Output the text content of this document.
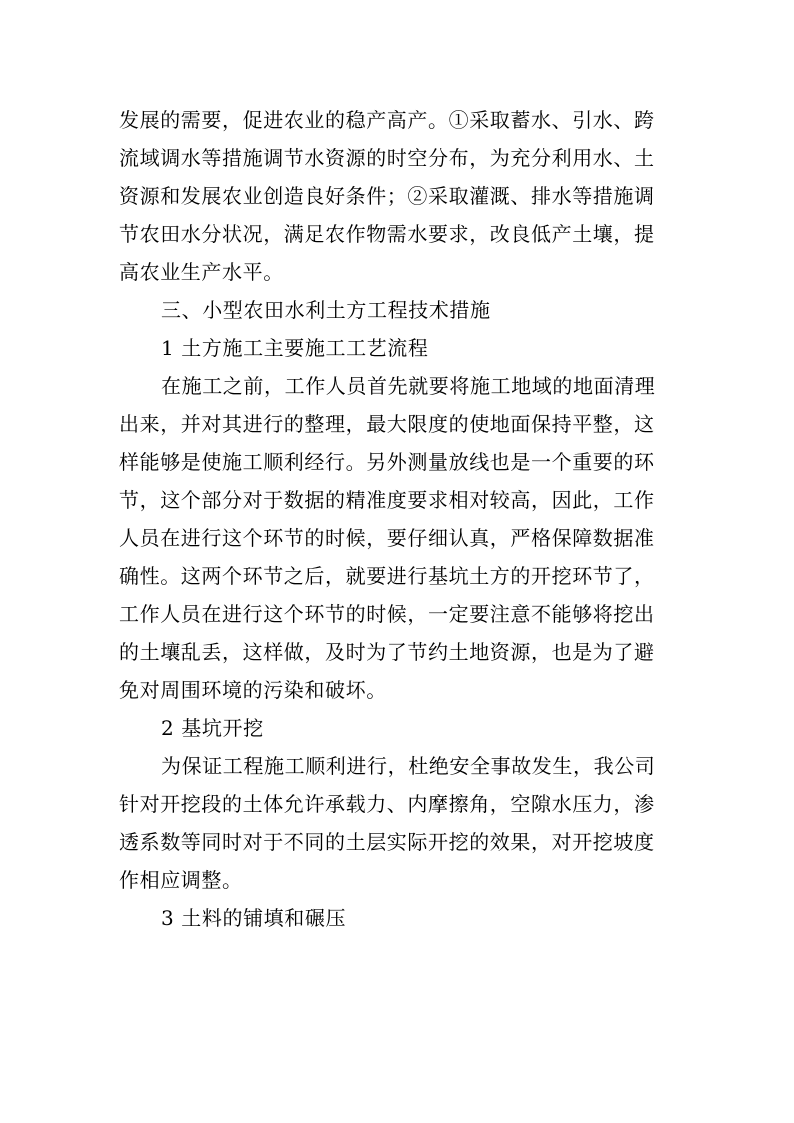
发展的需要，促进农业的稳产高产。①采取蓄水、引水、跨
流域调水等措施调节水资源的时空分布，为充分利用水、土
资源和发展农业创造良好条件；②采取灌溉、排水等措施调
节农田水分状况，满足农作物需水要求，改良低产土壤，提
高农业生产水平。
三、小型农田水利土方工程技术措施
1 土方施工主要施工工艺流程
在施工之前，工作人员首先就要将施工地域的地面清理
出来，并对其进行的整理，最大限度的使地面保持平整，这
样能够是使施工顺利经行。另外测量放线也是一个重要的环
节，这个部分对于数据的精准度要求相对较高，因此，工作
人员在进行这个环节的时候，要仔细认真，严格保障数据准
确性。这两个环节之后，就要进行基坑土方的开挖环节了，
工作人员在进行这个环节的时候，一定要注意不能够将挖出
的土壤乱丢，这样做，及时为了节约土地资源，也是为了避
免对周围环境的污染和破坏。
2 基坑开挖
为保证工程施工顺利进行，杜绝安全事故发生，我公司
针对开挖段的土体允许承载力、内摩擦角，空隙水压力，渗
透系数等同时对于不同的土层实际开挖的效果，对开挖坡度
作相应调整。
3 土料的铺填和碾压
